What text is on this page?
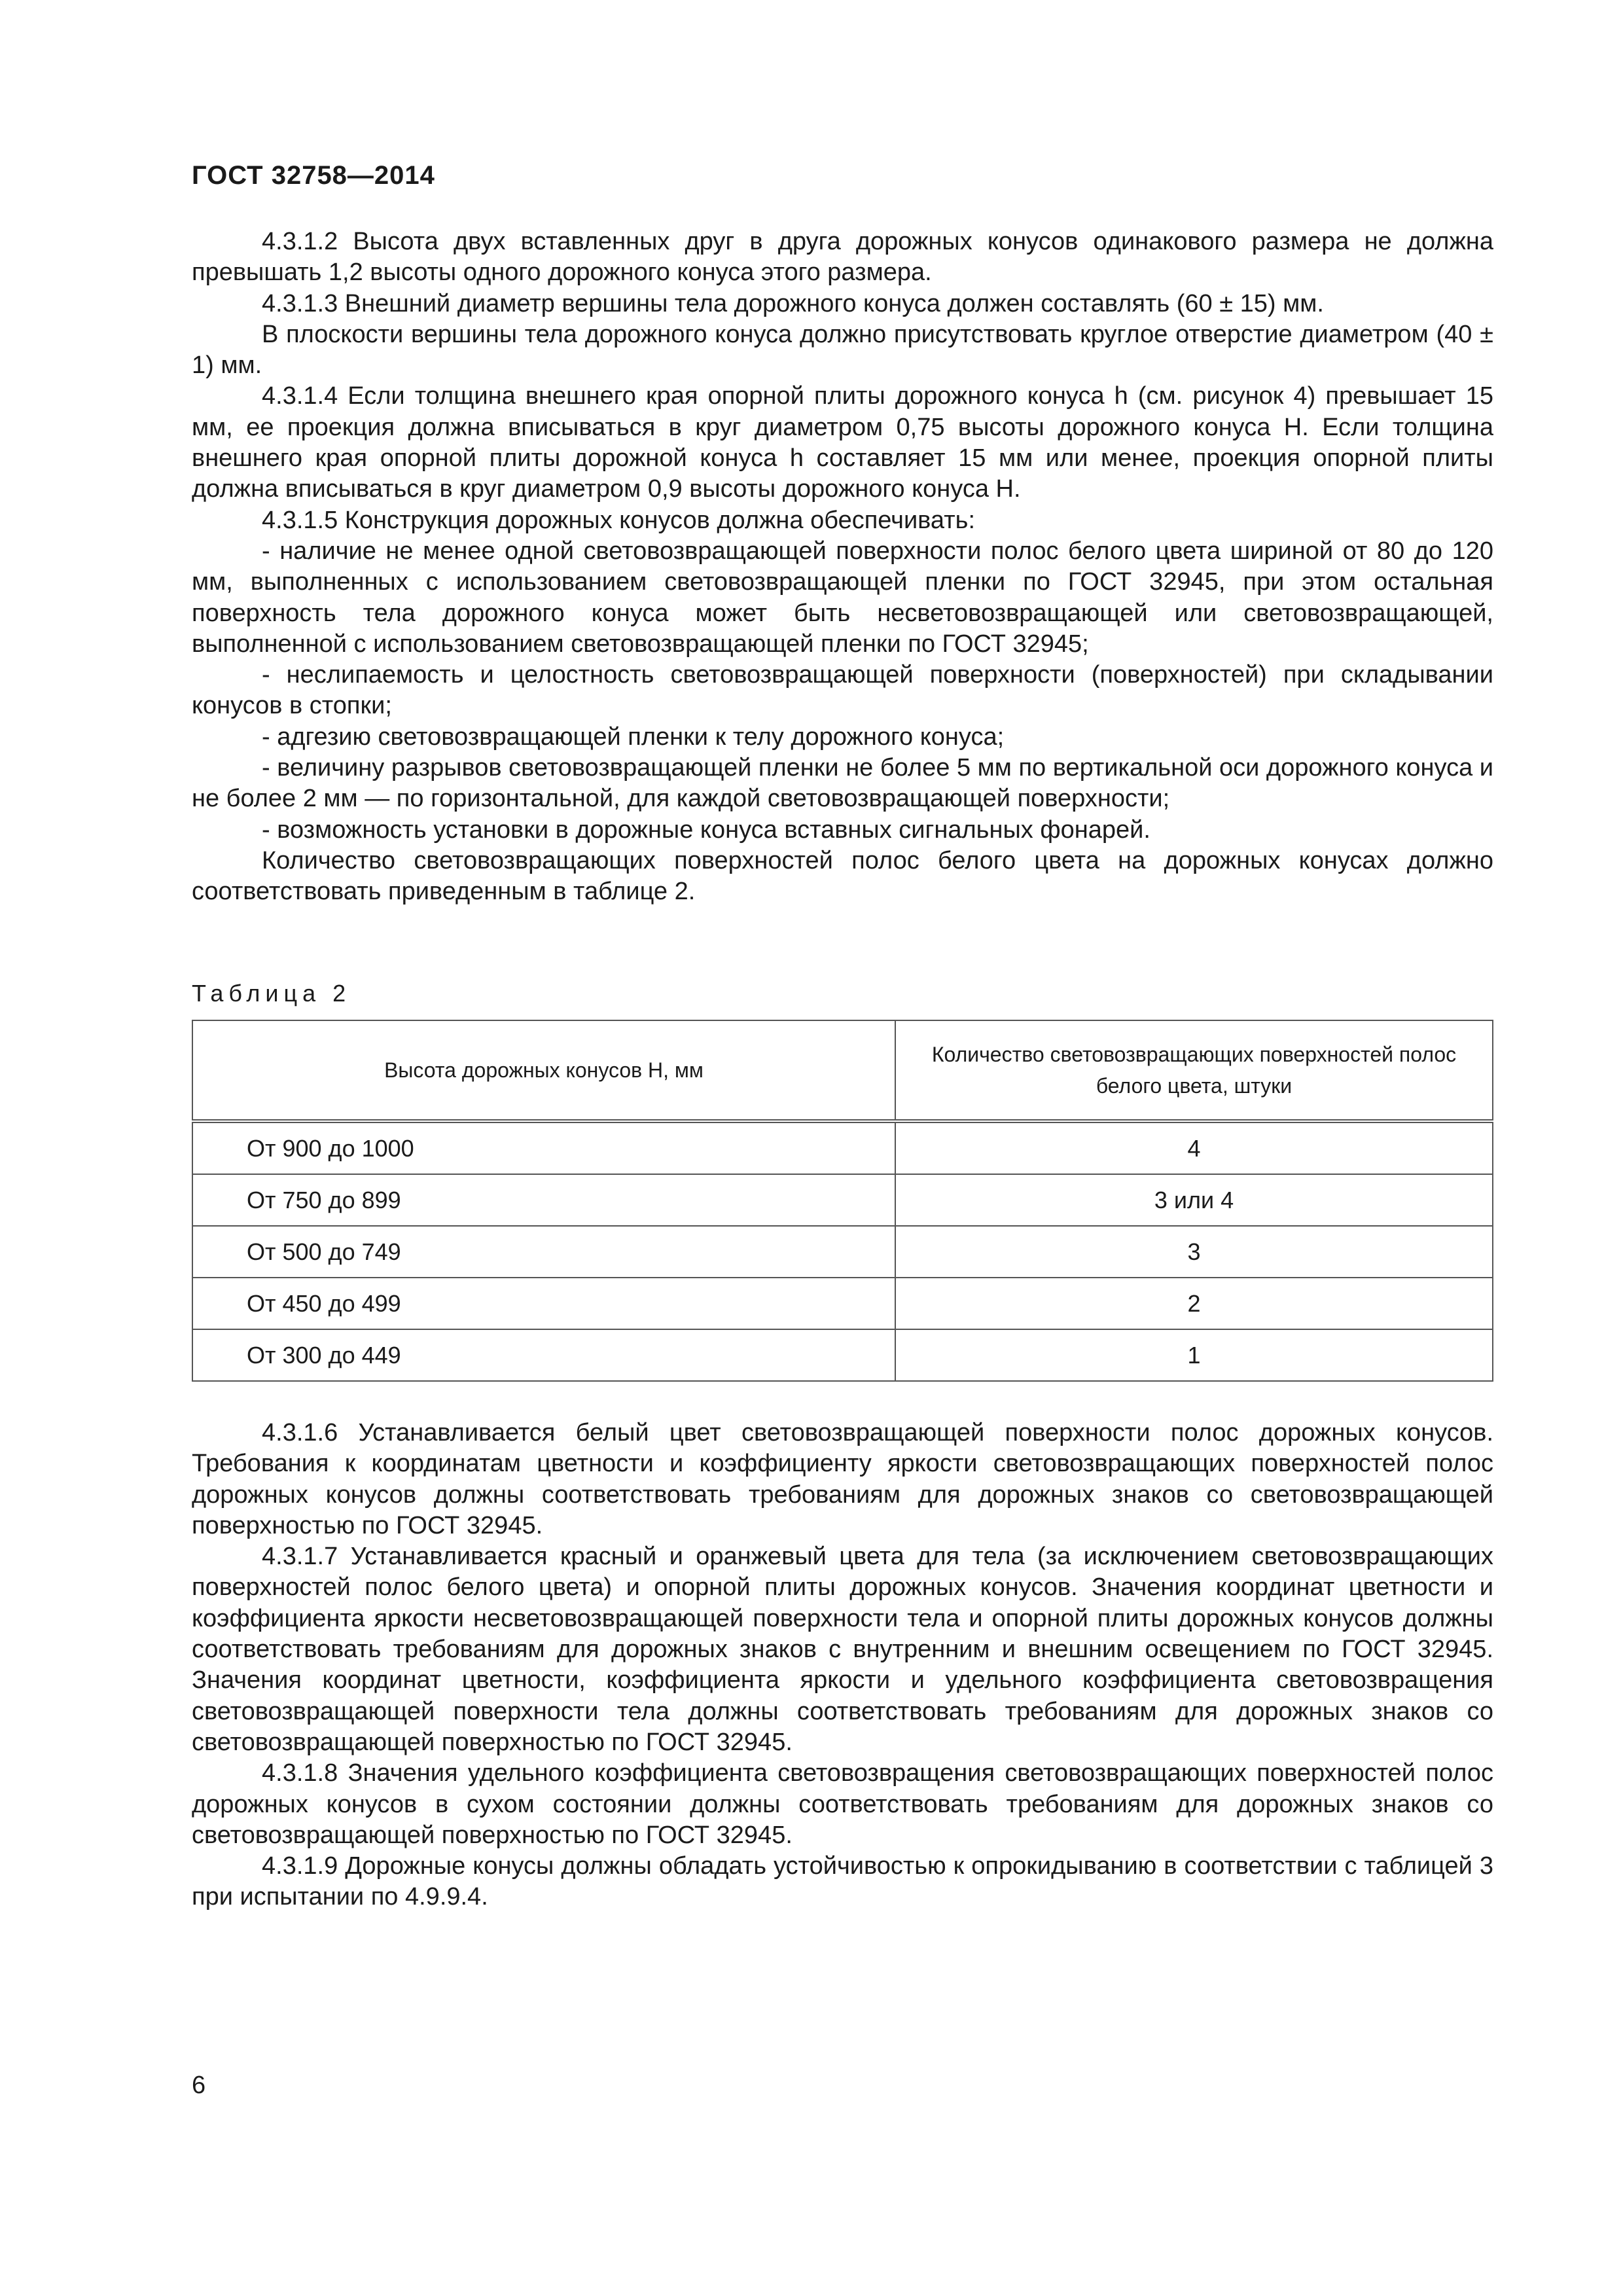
ГОСТ 32758—2014

4.3.1.2 Высота двух вставленных друг в друга дорожных конусов одинакового размера не должна превышать 1,2 высоты одного дорожного конуса этого размера.

4.3.1.3 Внешний диаметр вершины тела дорожного конуса должен составлять (60 ± 15) мм.

В плоскости вершины тела дорожного конуса должно присутствовать круглое отверстие диаметром (40 ± 1) мм.

4.3.1.4 Если толщина внешнего края опорной плиты дорожного конуса h (см. рисунок 4) превышает 15 мм, ее проекция должна вписываться в круг диаметром 0,75 высоты дорожного конуса H. Если толщина внешнего края опорной плиты дорожной конуса h составляет 15 мм или менее, проекция опорной плиты должна вписываться в круг диаметром 0,9 высоты дорожного конуса H.

4.3.1.5 Конструкция дорожных конусов должна обеспечивать:

- наличие не менее одной световозвращающей поверхности полос белого цвета шириной от 80 до 120 мм, выполненных с использованием световозвращающей пленки по ГОСТ 32945, при этом остальная поверхность тела дорожного конуса может быть несветовозвращающей или световозвращающей, выполненной с использованием световозвращающей пленки по ГОСТ 32945;

- неслипаемость и целостность световозвращающей поверхности (поверхностей) при складывании конусов в стопки;

- адгезию световозвращающей пленки к телу дорожного конуса;

- величину разрывов световозвращающей пленки не более 5 мм по вертикальной оси дорожного конуса и не более 2 мм — по горизонтальной, для каждой световозвращающей поверхности;

- возможность установки в дорожные конуса вставных сигнальных фонарей.

Количество световозвращающих поверхностей полос белого цвета на дорожных конусах должно соответствовать приведенным в таблице 2.

Таблица 2
Высота дорожных конусов H, мм	Количество световозвращающих поверхностей полос белого цвета, штуки
От 900 до 1000	4
От 750 до 899	3 или 4
От 500 до 749	3
От 450 до 499	2
От 300 до 449	1

4.3.1.6 Устанавливается белый цвет световозвращающей поверхности полос дорожных конусов. Требования к координатам цветности и коэффициенту яркости световозвращающих поверхностей полос дорожных конусов должны соответствовать требованиям для дорожных знаков со световозвращающей поверхностью по ГОСТ 32945.

4.3.1.7 Устанавливается красный и оранжевый цвета для тела (за исключением световозвращающих поверхностей полос белого цвета) и опорной плиты дорожных конусов. Значения координат цветности и коэффициента яркости несветовозвращающей поверхности тела и опорной плиты дорожных конусов должны соответствовать требованиям для дорожных знаков с внутренним и внешним освещением по ГОСТ 32945. Значения координат цветности, коэффициента яркости и удельного коэффициента световозвращения световозвращающей поверхности тела должны соответствовать требованиям для дорожных знаков со световозвращающей поверхностью по ГОСТ 32945.

4.3.1.8 Значения удельного коэффициента световозвращения световозвращающих поверхностей полос дорожных конусов в сухом состоянии должны соответствовать требованиям для дорожных знаков со световозвращающей поверхностью по ГОСТ 32945.

4.3.1.9 Дорожные конусы должны обладать устойчивостью к опрокидыванию в соответствии с таблицей 3 при испытании по 4.9.9.4.

6
